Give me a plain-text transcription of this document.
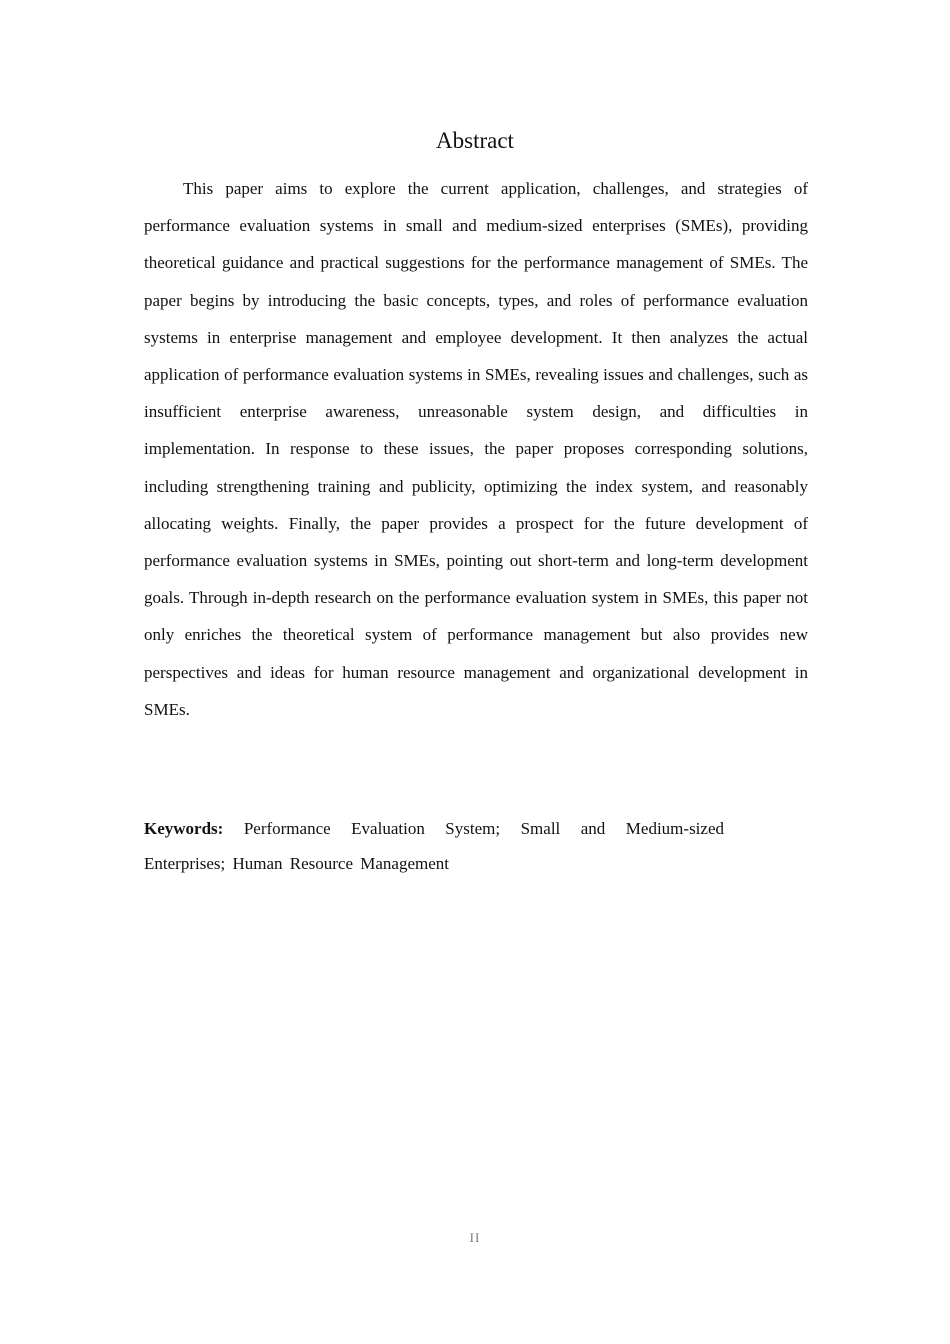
Abstract

This paper aims to explore the current application, challenges, and strategies of performance evaluation systems in small and medium-sized enterprises (SMEs), providing theoretical guidance and practical suggestions for the performance management of SMEs. The paper begins by introducing the basic concepts, types, and roles of performance evaluation systems in enterprise management and employee development. It then analyzes the actual application of performance evaluation systems in SMEs, revealing issues and challenges, such as insufficient enterprise awareness, unreasonable system design, and difficulties in implementation. In response to these issues, the paper proposes corresponding solutions, including strengthening training and publicity, optimizing the index system, and reasonably allocating weights. Finally, the paper provides a prospect for the future development of performance evaluation systems in SMEs, pointing out short-term and long-term development goals. Through in-depth research on the performance evaluation system in SMEs, this paper not only enriches the theoretical system of performance management but also provides new perspectives and ideas for human resource management and organizational development in SMEs.

Keywords: Performance Evaluation System; Small and Medium-sized Enterprises; Human Resource Management

II
